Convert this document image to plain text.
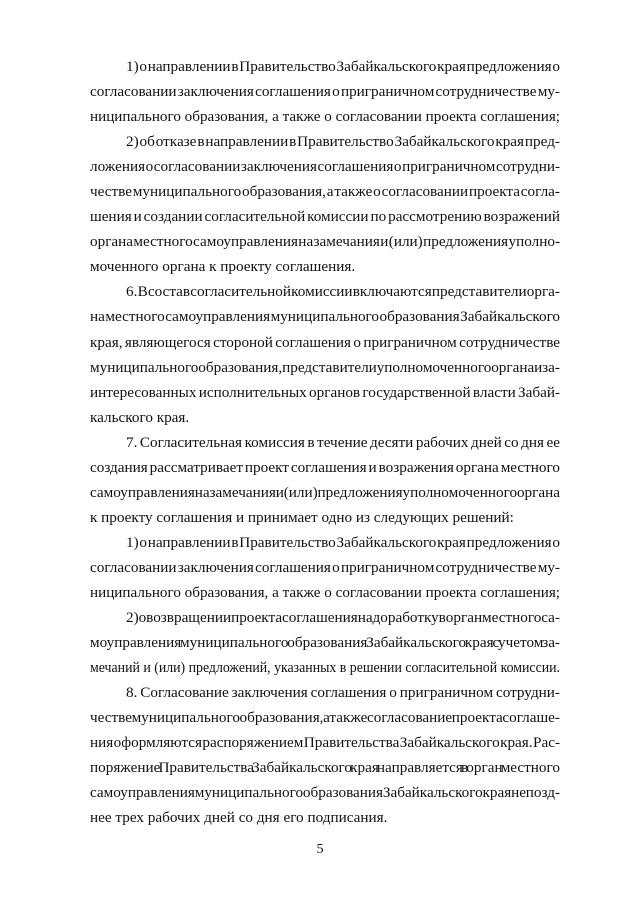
1) о направлении в Правительство Забайкальского края предложения о
согласовании заключения соглашения о приграничном сотрудничестве му-
ниципального образования, а также о согласовании проекта соглашения;
2) об отказе в направлении в Правительство Забайкальского края пред-
ложения о согласовании заключения соглашения о приграничном сотрудни-
честве муниципального образования, а также о согласовании проекта согла-
шения и создании согласительной комиссии по рассмотрению возражений
органа местного самоуправления на замечания и (или) предложения уполно-
моченного органа к проекту соглашения.
6. В состав согласительной комиссии включаются представители орга-
на местного самоуправления муниципального образования Забайкальского
края, являющегося стороной соглашения о приграничном сотрудничестве
муниципального образования, представители уполномоченного органа и за-
интересованных исполнительных органов государственной власти Забай-
кальского края.
7. Согласительная комиссия в течение десяти рабочих дней со дня ее
создания рассматривает проект соглашения и возражения органа местного
самоуправления на замечания и (или) предложения уполномоченного органа
к проекту соглашения и принимает одно из следующих решений:
1) о направлении в Правительство Забайкальского края предложения о
согласовании заключения соглашения о приграничном сотрудничестве му-
ниципального образования, а также о согласовании проекта соглашения;
2) о возвращении проекта соглашения на доработку в орган местного са-
моуправления муниципального образования Забайкальского края с учетом за-
мечаний и (или) предложений, указанных в решении согласительной комиссии.
8. Согласование заключения соглашения о приграничном сотрудни-
честве муниципального образования, а также согласование проекта соглаше-
ния оформляются распоряжением Правительства Забайкальского края. Рас-
поряжение Правительства Забайкальского края направляется в орган местного
самоуправления муниципального образования Забайкальского края не позд-
нее трех рабочих дней со дня его подписания.
5
